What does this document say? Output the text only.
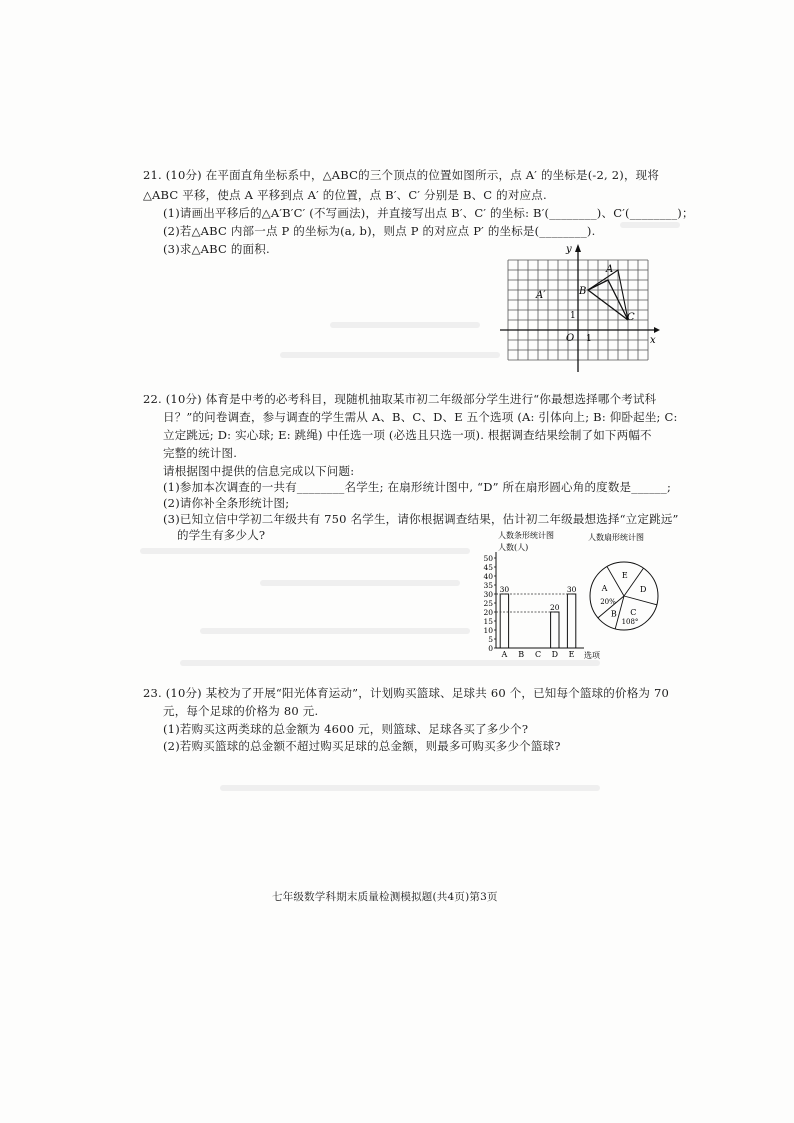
21. (10分) 在平面直角坐标系中，△ABC的三个顶点的位置如图所示，点 A′ 的坐标是(-2, 2)，现将
△ABC 平移，使点 A 平移到点 A′ 的位置，点 B′、C′ 分别是 B、C 的对应点.
(1)请画出平移后的△A′B′C′ (不写画法)，并直接写出点 B′、C′ 的坐标: B′(________)、C′(________)；
(2)若△ABC 内部一点 P 的坐标为(a, b)，则点 P 的对应点 P′ 的坐标是(________).
(3)求△ABC 的面积.	y
x
O 1
1
A
B
C
A′
22. (10分) 体育是中考的必考科目，现随机抽取某市初二年级部分学生进行“你最想选择哪个考试科
日？”的问卷调查，参与调查的学生需从 A、B、C、D、E 五个选项 (A: 引体向上; B: 仰卧起坐; C:
立定跳远; D: 实心球; E: 跳绳) 中任选一项 (必选且只选一项). 根据调查结果绘制了如下两幅不
完整的统计图.
请根据图中提供的信息完成以下问题:
(1)参加本次调查的一共有________名学生; 在扇形统计图中, “D” 所在扇形圆心角的度数是______;
(2)请你补全条形统计图;
(3)已知立信中学初二年级共有 750 名学生，请你根据调查结果，估计初二年级最想选择“立定跳远”
的学生有多少人?	人数条形统计图
人数(人)
0
5
10
15
20
25
30
35
40
45
50
A
30
B C D
20
E
30
选项
人数扇形统计图
A
B C
D
E
20%
108°
23. (10分) 某校为了开展“阳光体育运动”，计划购买篮球、足球共 60 个，已知每个篮球的价格为 70
元，每个足球的价格为 80 元.
(1)若购买这两类球的总金额为 4600 元，则篮球、足球各买了多少个?
(2)若购买篮球的总金额不超过购买足球的总金额，则最多可购买多少个篮球?
七年级数学科期末质量检测模拟题(共4页)第3页
